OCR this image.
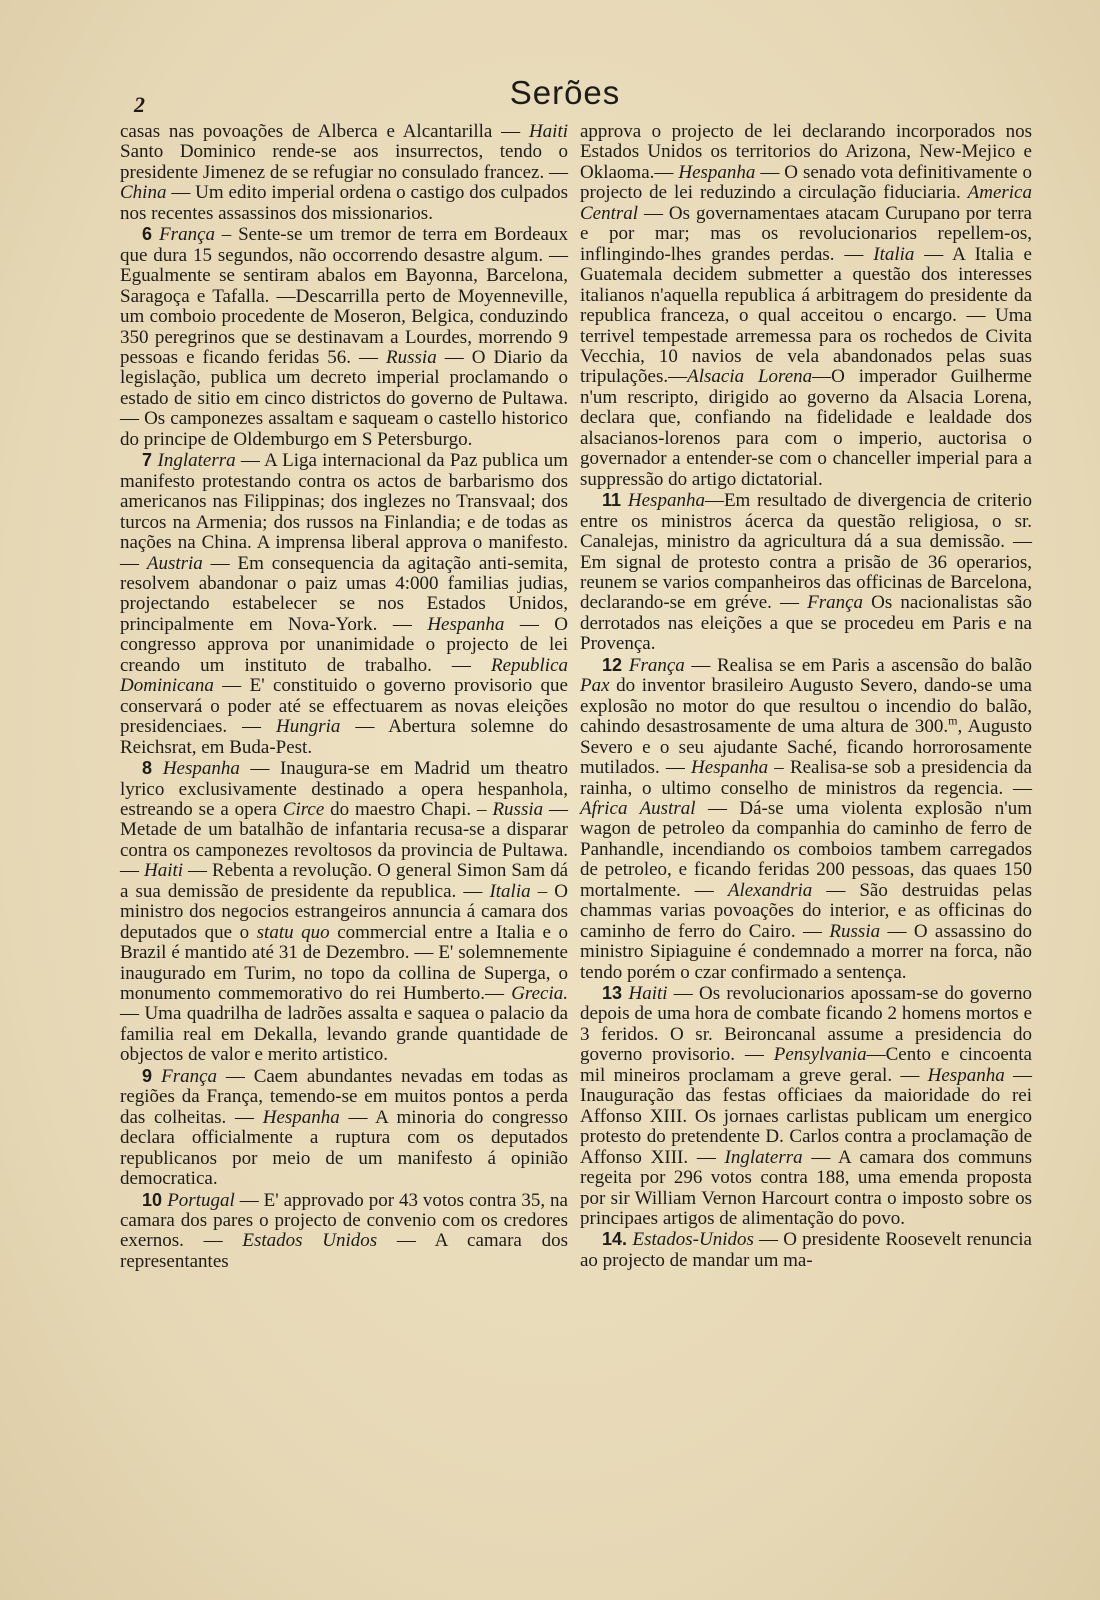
2	Serões

casas nas povoações de Alberca e Alcantarilla — Haiti Santo Dominico rende-se aos insurrectos, tendo o presidente Jimenez de se refugiar no consulado francez. — China — Um edito imperial ordena o castigo dos culpados nos recentes assassinos dos missionarios.

6 França – Sente-se um tremor de terra em Bordeaux que dura 15 segundos, não occorrendo desastre algum. — Egualmente se sentiram abalos em Bayonna, Barcelona, Saragoça e Tafalla. —Descarrilla perto de Moyenneville, um comboio procedente de Moseron, Belgica, conduzindo 350 peregrinos que se destinavam a Lourdes, morrendo 9 pessoas e ficando feridas 56. — Russia — O Diario da legislação, publica um decreto imperial proclamando o estado de sitio em cinco districtos do governo de Pultawa. — Os camponezes assaltam e saqueam o castello historico do principe de Oldemburgo em S Petersburgo.

7 Inglaterra — A Liga internacional da Paz publica um manifesto protestando contra os actos de barbarismo dos americanos nas Filippinas; dos inglezes no Transvaal; dos turcos na Armenia; dos russos na Finlandia; e de todas as nações na China. A imprensa liberal approva o manifesto. — Austria — Em consequencia da agitação anti-semita, resolvem abandonar o paiz umas 4:000 familias judias, projectando estabelecer se nos Estados Unidos, principalmente em Nova-York. — Hespanha — O congresso approva por unanimidade o projecto de lei creando um instituto de trabalho. — Republica Dominicana — E' constituido o governo provisorio que conservará o poder até se effectuarem as novas eleições presidenciaes. — Hungria — Abertura solemne do Reichsrat, em Buda-Pest.

8 Hespanha — Inaugura-se em Madrid um theatro lyrico exclusivamente destinado a opera hespanhola, estreando se a opera Circe do maestro Chapi. – Russia — Metade de um batalhão de infantaria recusa-se a disparar contra os camponezes revoltosos da provincia de Pultawa. — Haiti — Rebenta a revolução. O general Simon Sam dá a sua demissão de presidente da republica. — Italia – O ministro dos negocios estrangeiros annuncia á camara dos deputados que o statu quo commercial entre a Italia e o Brazil é mantido até 31 de Dezembro. — E' solemnemente inaugurado em Turim, no topo da collina de Superga, o monumento commemorativo do rei Humberto.— Grecia. — Uma quadrilha de ladrões assalta e saquea o palacio da familia real em Dekalla, levando grande quantidade de objectos de valor e merito artistico.

9 França — Caem abundantes nevadas em todas as regiões da França, temendo-se em muitos pontos a perda das colheitas. — Hespanha — A minoria do congresso declara officialmente a ruptura com os deputados republicanos por meio de um manifesto á opinião democratica.

10 Portugal — E' approvado por 43 votos contra 35, na camara dos pares o projecto de convenio com os credores exernos. — Estados Unidos — A camara dos representantes

approva o projecto de lei declarando incorporados nos Estados Unidos os territorios do Arizona, New-Mejico e Oklaoma.— Hespanha — O senado vota definitivamente o projecto de lei reduzindo a circulação fiduciaria. America Central — Os governamentaes atacam Curupano por terra e por mar; mas os revolucionarios repellem-os, inflingindo-lhes grandes perdas. — Italia — A Italia e Guatemala decidem submetter a questão dos interesses italianos n'aquella republica á arbitragem do presidente da republica franceza, o qual acceitou o encargo. — Uma terrivel tempestade arremessa para os rochedos de Civita Vecchia, 10 navios de vela abandonados pelas suas tripulações.—Alsacia Lorena—O imperador Guilherme n'um rescripto, dirigido ao governo da Alsacia Lorena, declara que, confiando na fidelidade e lealdade dos alsacianos-lorenos para com o imperio, auctorisa o governador a entender-se com o chanceller imperial para a suppressão do artigo dictatorial.

11 Hespanha—Em resultado de divergencia de criterio entre os ministros ácerca da questão religiosa, o sr. Canalejas, ministro da agricultura dá a sua demissão. — Em signal de protesto contra a prisão de 36 operarios, reunem se varios companheiros das officinas de Barcelona, declarando-se em gréve. — França Os nacionalistas são derrotados nas eleições a que se procedeu em Paris e na Provença.

12 França — Realisa se em Paris a ascensão do balão Pax do inventor brasileiro Augusto Severo, dando-se uma explosão no motor do que resultou o incendio do balão, cahindo desastrosamente de uma altura de 300.$^m$, Augusto Severo e o seu ajudante Saché, ficando horrorosamente mutilados. — Hespanha – Realisa-se sob a presidencia da rainha, o ultimo conselho de ministros da regencia. — Africa Austral — Dá-se uma violenta explosão n'um wagon de petroleo da companhia do caminho de ferro de Panhandle, incendiando os comboios tambem carregados de petroleo, e ficando feridas 200 pessoas, das quaes 150 mortalmente. — Alexandria — São destruidas pelas chammas varias povoações do interior, e as officinas do caminho de ferro do Cairo. — Russia — O assassino do ministro Sipiaguine é condemnado a morrer na forca, não tendo porém o czar confirmado a sentença.

13 Haiti — Os revolucionarios apossam-se do governo depois de uma hora de combate ficando 2 homens mortos e 3 feridos. O sr. Beironcanal assume a presidencia do governo provisorio. — Pensylvania—Cento e cincoenta mil mineiros proclamam a greve geral. — Hespanha — Inauguração das festas officiaes da maioridade do rei Affonso XIII. Os jornaes carlistas publicam um energico protesto do pretendente D. Carlos contra a proclamação de Affonso XIII. — Inglaterra — A camara dos communs regeita por 296 votos contra 188, uma emenda proposta por sir William Vernon Harcourt contra o imposto sobre os principaes artigos de alimentação do povo.

14. Estados-Unidos — O presidente Roosevelt renuncia ao projecto de mandar um ma-
